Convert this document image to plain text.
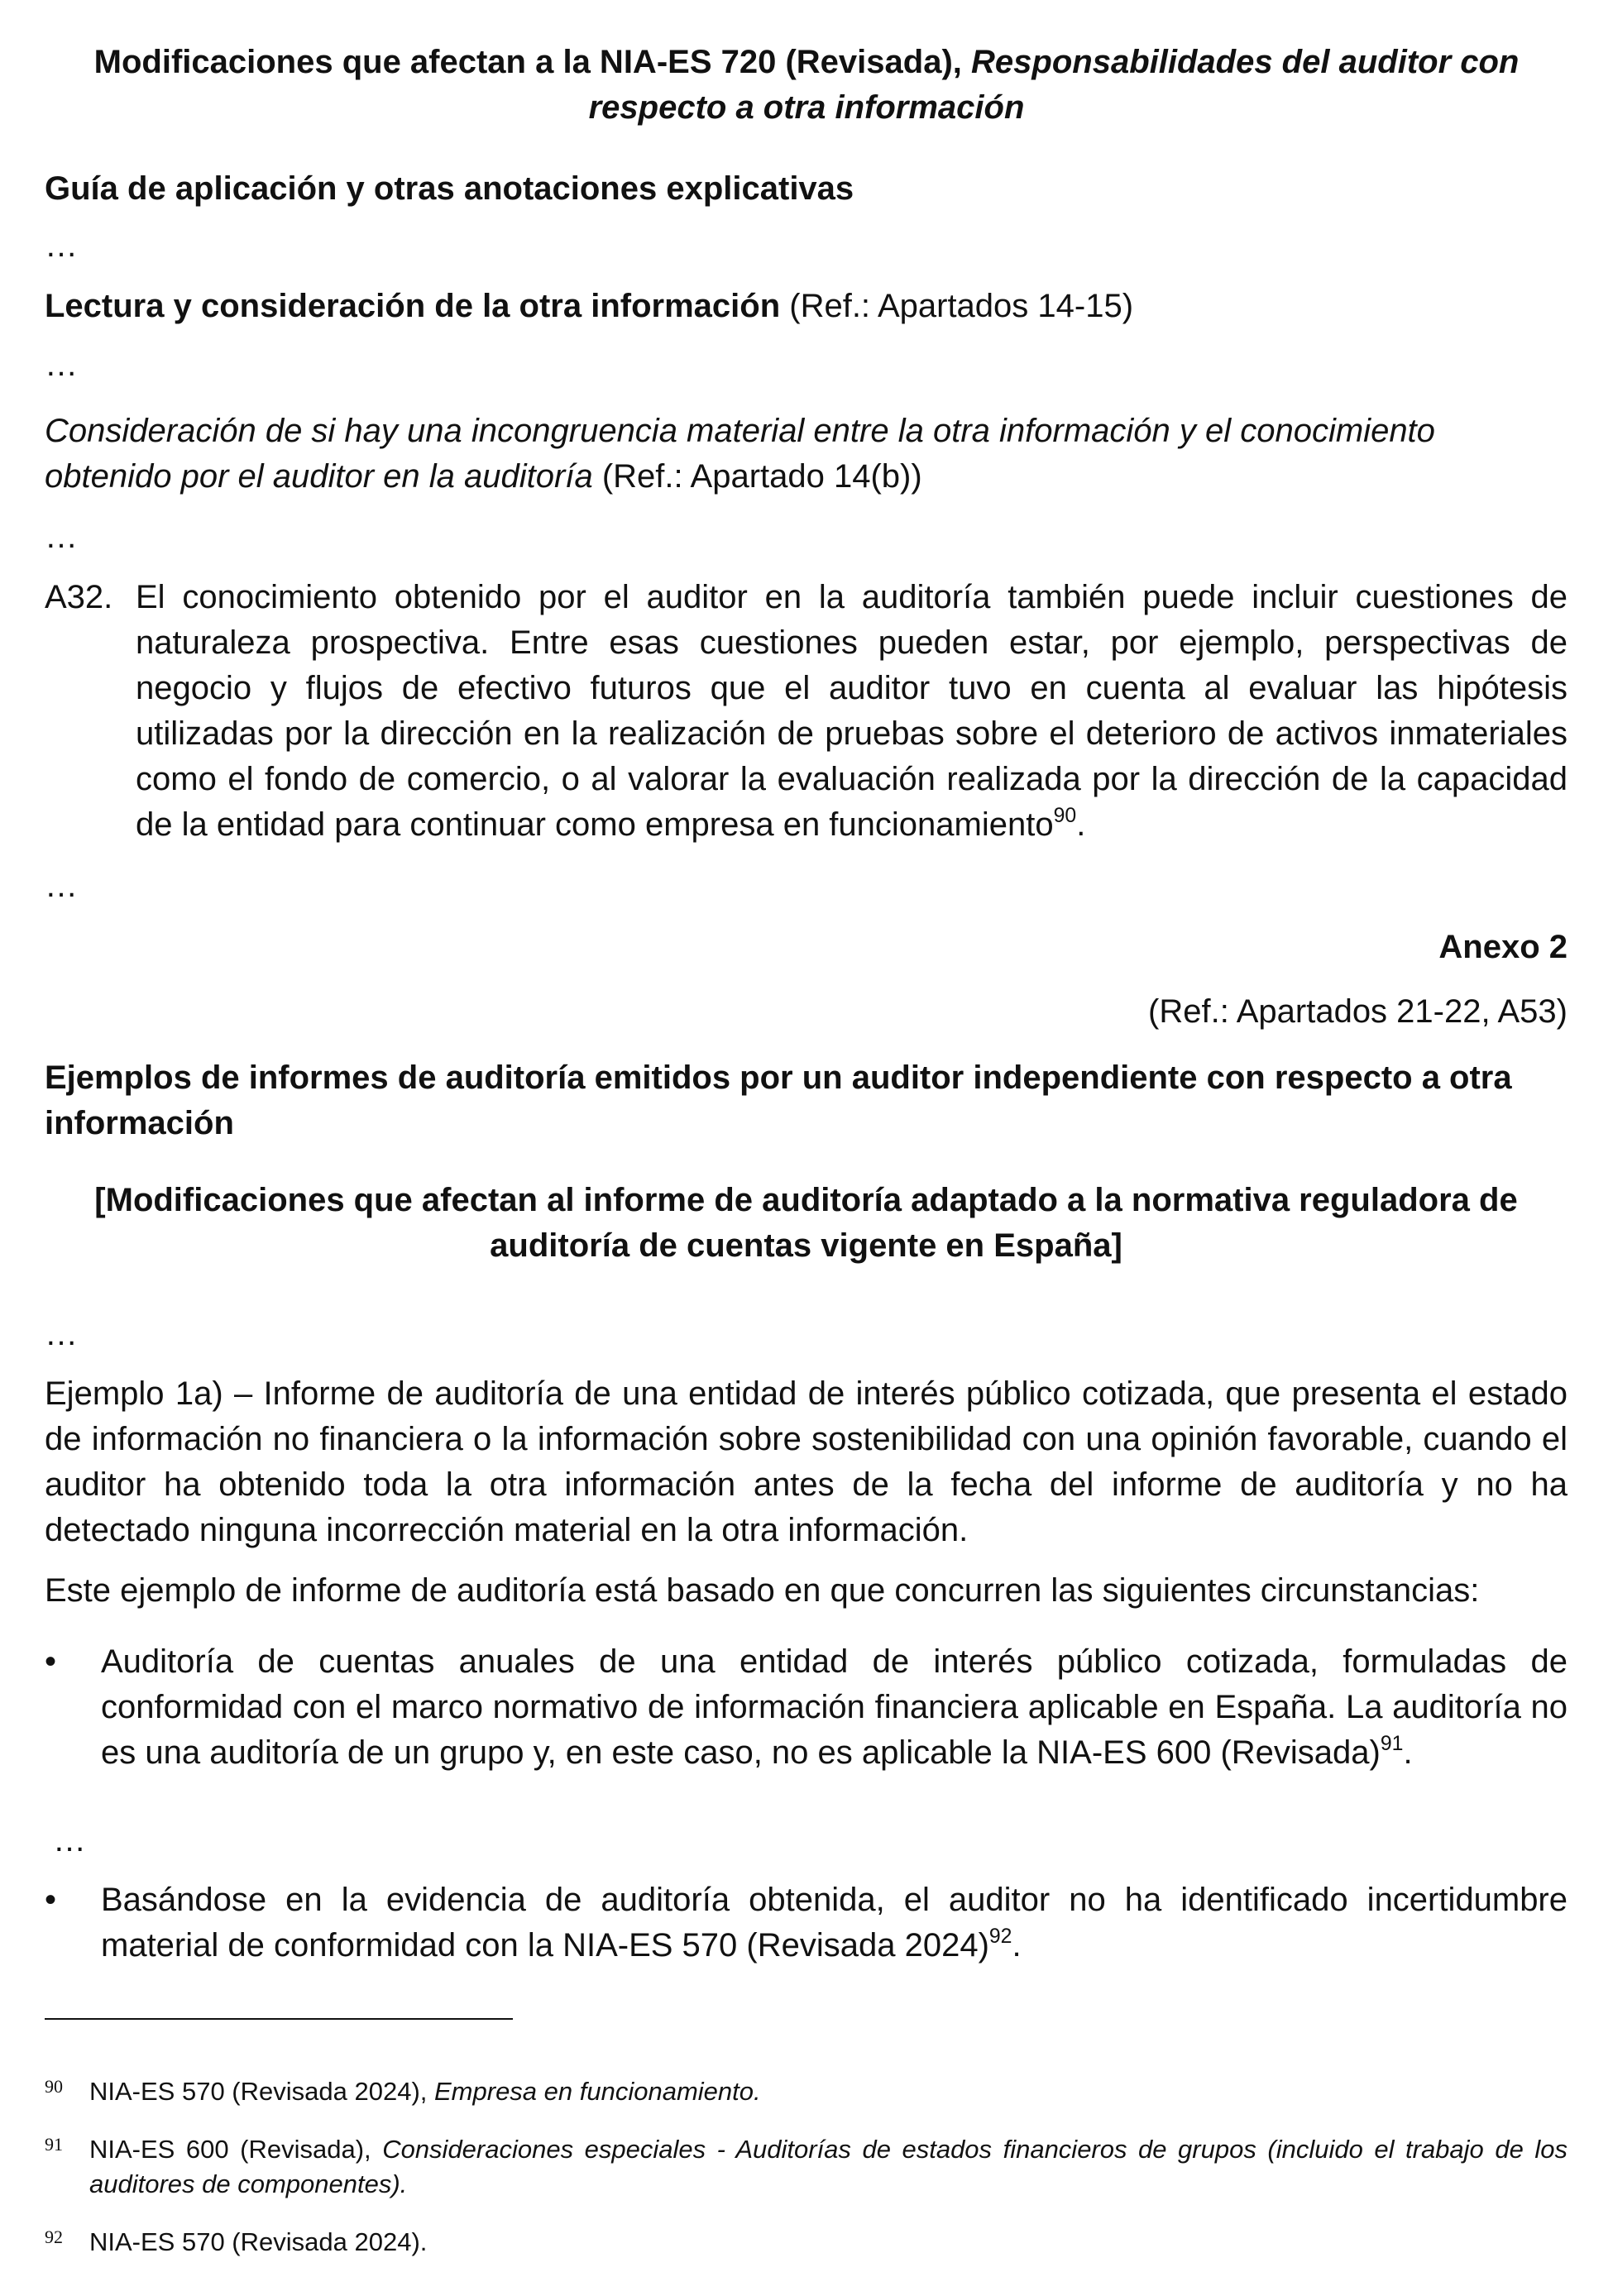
Modificaciones que afectan a la NIA-ES 720 (Revisada), Responsabilidades del auditor con respecto a otra información

Guía de aplicación y otras anotaciones explicativas

…

Lectura y consideración de la otra información (Ref.: Apartados 14-15)

…

Consideración de si hay una incongruencia material entre la otra información y el conocimiento obtenido por el auditor en la auditoría (Ref.: Apartado 14(b))

…

A32. El conocimiento obtenido por el auditor en la auditoría también puede incluir cuestiones de naturaleza prospectiva. Entre esas cuestiones pueden estar, por ejemplo, perspectivas de negocio y flujos de efectivo futuros que el auditor tuvo en cuenta al evaluar las hipótesis utilizadas por la dirección en la realización de pruebas sobre el deterioro de activos inmateriales como el fondo de comercio, o al valorar la evaluación realizada por la dirección de la capacidad de la entidad para continuar como empresa en funcionamiento$^{90}$.

…

Anexo 2

(Ref.: Apartados 21-22, A53)

Ejemplos de informes de auditoría emitidos por un auditor independiente con respecto a otra información

[Modificaciones que afectan al informe de auditoría adaptado a la normativa reguladora de auditoría de cuentas vigente en España]

…

Ejemplo 1a) – Informe de auditoría de una entidad de interés público cotizada, que presenta el estado de información no financiera o la información sobre sostenibilidad con una opinión favorable, cuando el auditor ha obtenido toda la otra información antes de la fecha del informe de auditoría y no ha detectado ninguna incorrección material en la otra información.

Este ejemplo de informe de auditoría está basado en que concurren las siguientes circunstancias:

• Auditoría de cuentas anuales de una entidad de interés público cotizada, formuladas de conformidad con el marco normativo de información financiera aplicable en España. La auditoría no es una auditoría de un grupo y, en este caso, no es aplicable la NIA-ES 600 (Revisada)$^{91}$.

…

• Basándose en la evidencia de auditoría obtenida, el auditor no ha identificado incertidumbre material de conformidad con la NIA-ES 570 (Revisada 2024)$^{92}$.

90 NIA-ES 570 (Revisada 2024), Empresa en funcionamiento.

91 NIA-ES 600 (Revisada), Consideraciones especiales - Auditorías de estados financieros de grupos (incluido el trabajo de los auditores de componentes).

92 NIA-ES 570 (Revisada 2024).
